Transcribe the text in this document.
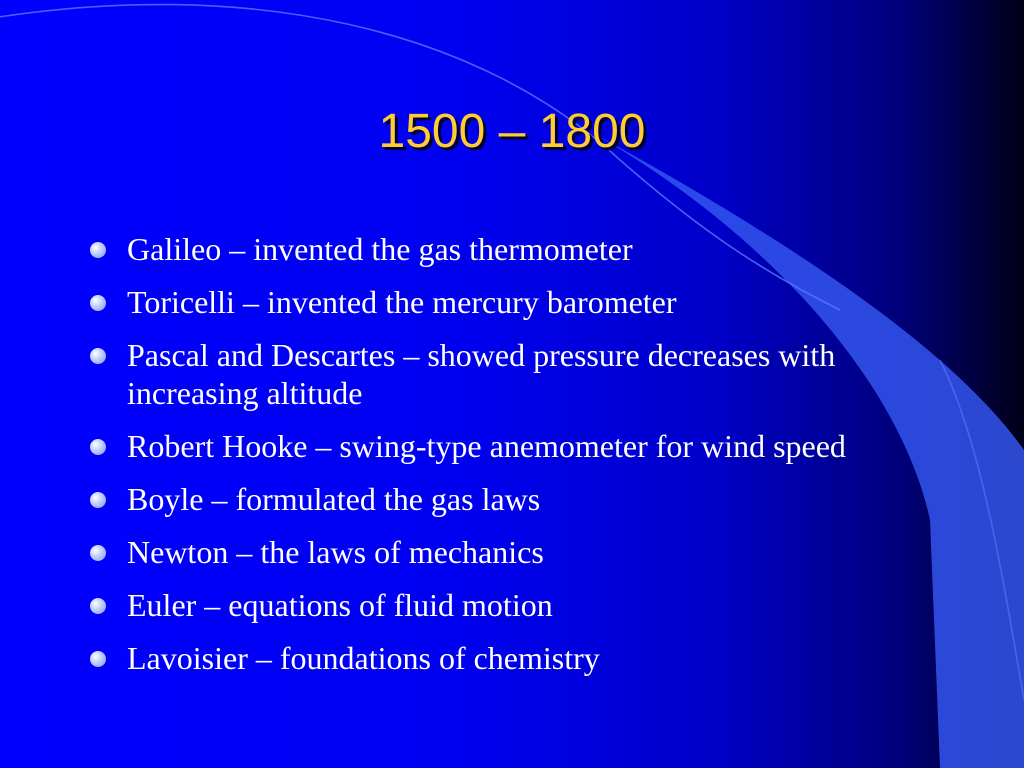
1500 – 1800
Galileo – invented the gas thermometer
Toricelli – invented the mercury barometer
Pascal and Descartes – showed pressure decreases with increasing altitude
Robert Hooke – swing-type anemometer for wind speed
Boyle – formulated the gas laws
Newton – the laws of mechanics
Euler – equations of fluid motion
Lavoisier – foundations of chemistry
